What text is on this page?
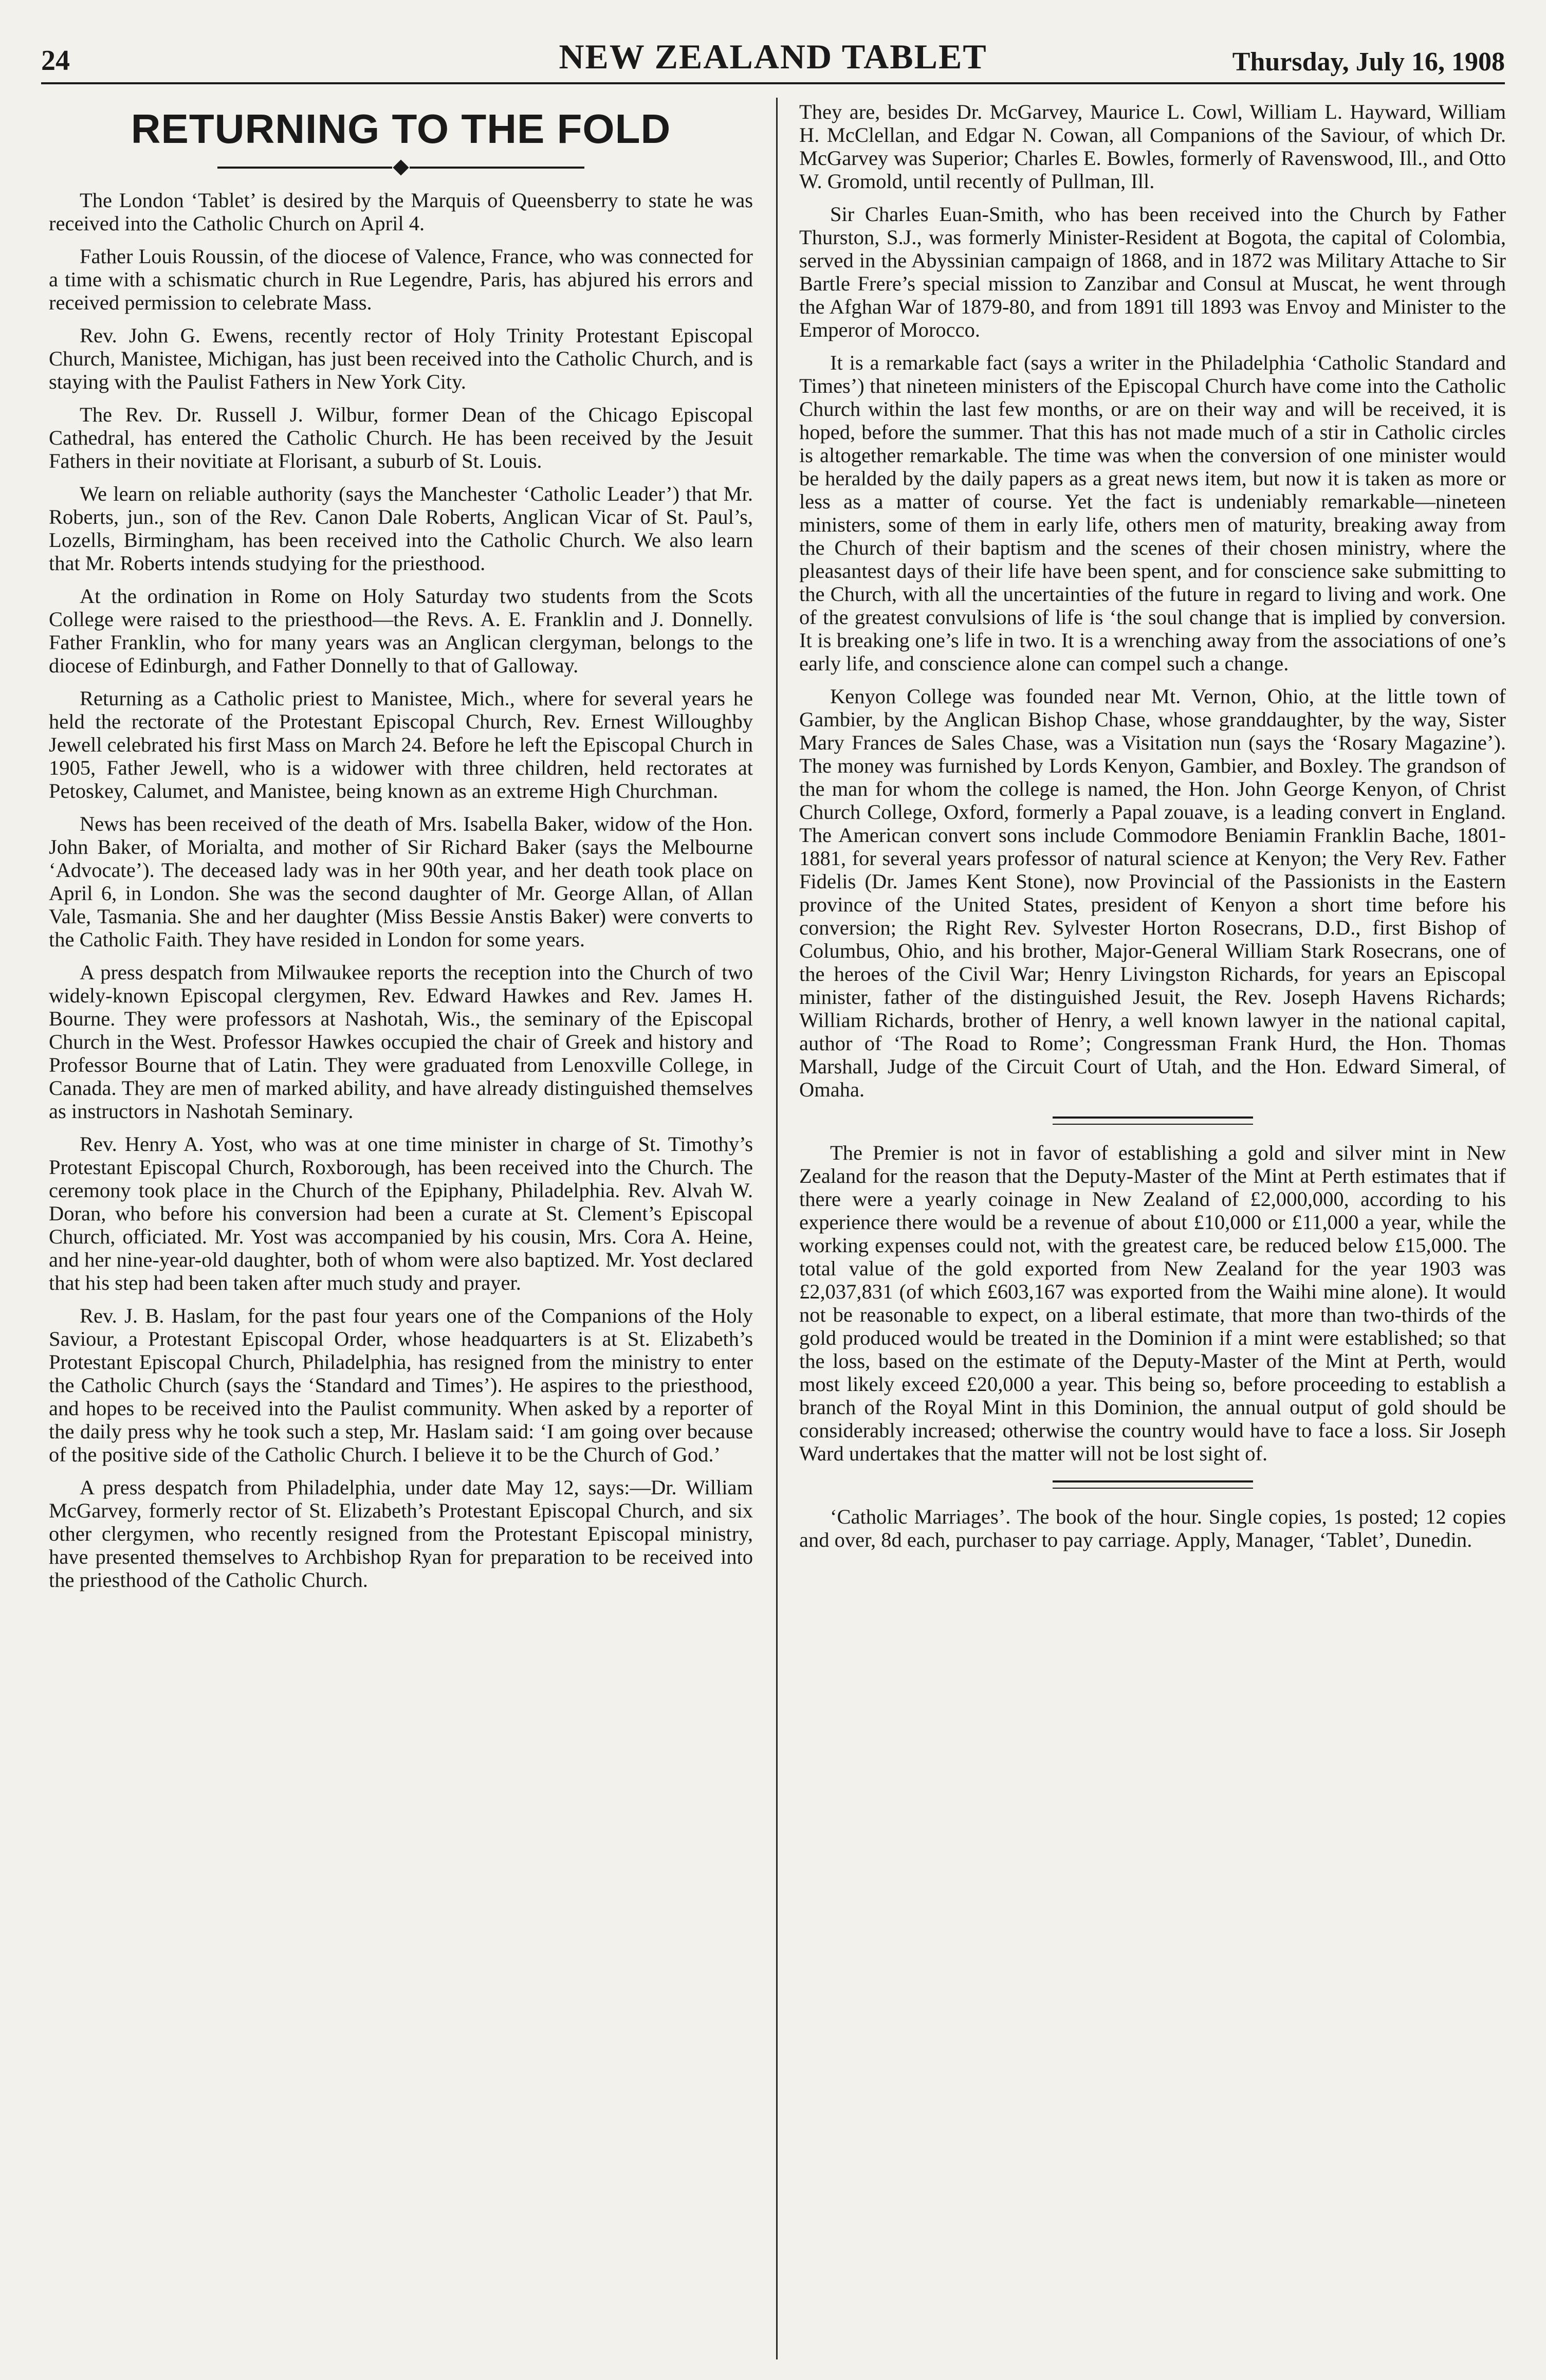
24	NEW ZEALAND TABLET	Thursday, July 16, 1908
RETURNING TO THE FOLD

The London ‘Tablet’ is desired by the Marquis of Queensberry to state he was received into the Catholic Church on April 4.

Father Louis Roussin, of the diocese of Valence, France, who was connected for a time with a schismatic church in Rue Legendre, Paris, has abjured his errors and received permission to celebrate Mass.

Rev. John G. Ewens, recently rector of Holy Trinity Protestant Episcopal Church, Manistee, Michigan, has just been received into the Catholic Church, and is staying with the Paulist Fathers in New York City.

The Rev. Dr. Russell J. Wilbur, former Dean of the Chicago Episcopal Cathedral, has entered the Catholic Church. He has been received by the Jesuit Fathers in their novitiate at Florisant, a suburb of St. Louis.

We learn on reliable authority (says the Manchester ‘Catholic Leader’) that Mr. Roberts, jun., son of the Rev. Canon Dale Roberts, Anglican Vicar of St. Paul’s, Lozells, Birmingham, has been received into the Catholic Church. We also learn that Mr. Roberts intends studying for the priesthood.

At the ordination in Rome on Holy Saturday two students from the Scots College were raised to the priesthood—the Revs. A. E. Franklin and J. Donnelly. Father Franklin, who for many years was an Anglican clergyman, belongs to the diocese of Edinburgh, and Father Donnelly to that of Galloway.

Returning as a Catholic priest to Manistee, Mich., where for several years he held the rectorate of the Protestant Episcopal Church, Rev. Ernest Willoughby Jewell celebrated his first Mass on March 24. Before he left the Episcopal Church in 1905, Father Jewell, who is a widower with three children, held rectorates at Petoskey, Calumet, and Manistee, being known as an extreme High Churchman.

News has been received of the death of Mrs. Isabella Baker, widow of the Hon. John Baker, of Morialta, and mother of Sir Richard Baker (says the Melbourne ‘Advocate’). The deceased lady was in her 90th year, and her death took place on April 6, in London. She was the second daughter of Mr. George Allan, of Allan Vale, Tasmania. She and her daughter (Miss Bessie Anstis Baker) were converts to the Catholic Faith. They have resided in London for some years.

A press despatch from Milwaukee reports the reception into the Church of two widely-known Episcopal clergymen, Rev. Edward Hawkes and Rev. James H. Bourne. They were professors at Nashotah, Wis., the seminary of the Episcopal Church in the West. Professor Hawkes occupied the chair of Greek and history and Professor Bourne that of Latin. They were graduated from Lenoxville College, in Canada. They are men of marked ability, and have already distinguished themselves as instructors in Nashotah Seminary.

Rev. Henry A. Yost, who was at one time minister in charge of St. Timothy’s Protestant Episcopal Church, Roxborough, has been received into the Church. The ceremony took place in the Church of the Epiphany, Philadelphia. Rev. Alvah W. Doran, who before his conversion had been a curate at St. Clement’s Episcopal Church, officiated. Mr. Yost was accompanied by his cousin, Mrs. Cora A. Heine, and her nine-year-old daughter, both of whom were also baptized. Mr. Yost declared that his step had been taken after much study and prayer.

Rev. J. B. Haslam, for the past four years one of the Companions of the Holy Saviour, a Protestant Episcopal Order, whose headquarters is at St. Elizabeth’s Protestant Episcopal Church, Philadelphia, has resigned from the ministry to enter the Catholic Church (says the ‘Standard and Times’). He aspires to the priesthood, and hopes to be received into the Paulist community. When asked by a reporter of the daily press why he took such a step, Mr. Haslam said: ‘I am going over because of the positive side of the Catholic Church. I believe it to be the Church of God.’

A press despatch from Philadelphia, under date May 12, says:—Dr. William McGarvey, formerly rector of St. Elizabeth’s Protestant Episcopal Church, and six other clergymen, who recently resigned from the Protestant Episcopal ministry, have presented themselves to Archbishop Ryan for preparation to be received into the priesthood of the Catholic Church.

They are, besides Dr. McGarvey, Maurice L. Cowl, William L. Hayward, William H. McClellan, and Edgar N. Cowan, all Companions of the Saviour, of which Dr. McGarvey was Superior; Charles E. Bowles, formerly of Ravenswood, Ill., and Otto W. Gromold, until recently of Pullman, Ill.

Sir Charles Euan-Smith, who has been received into the Church by Father Thurston, S.J., was formerly Minister-Resident at Bogota, the capital of Colombia, served in the Abyssinian campaign of 1868, and in 1872 was Military Attache to Sir Bartle Frere’s special mission to Zanzibar and Consul at Muscat, he went through the Afghan War of 1879-80, and from 1891 till 1893 was Envoy and Minister to the Emperor of Morocco.

It is a remarkable fact (says a writer in the Philadelphia ‘Catholic Standard and Times’) that nineteen ministers of the Episcopal Church have come into the Catholic Church within the last few months, or are on their way and will be received, it is hoped, before the summer. That this has not made much of a stir in Catholic circles is altogether remarkable. The time was when the conversion of one minister would be heralded by the daily papers as a great news item, but now it is taken as more or less as a matter of course. Yet the fact is undeniably remarkable—nineteen ministers, some of them in early life, others men of maturity, breaking away from the Church of their baptism and the scenes of their chosen ministry, where the pleasantest days of their life have been spent, and for conscience sake submitting to the Church, with all the uncertainties of the future in regard to living and work. One of the greatest convulsions of life is ‘the soul change that is implied by conversion. It is breaking one’s life in two. It is a wrenching away from the associations of one’s early life, and conscience alone can compel such a change.

Kenyon College was founded near Mt. Vernon, Ohio, at the little town of Gambier, by the Anglican Bishop Chase, whose granddaughter, by the way, Sister Mary Frances de Sales Chase, was a Visitation nun (says the ‘Rosary Magazine’). The money was furnished by Lords Kenyon, Gambier, and Boxley. The grandson of the man for whom the college is named, the Hon. John George Kenyon, of Christ Church College, Oxford, formerly a Papal zouave, is a leading convert in England. The American convert sons include Commodore Beniamin Franklin Bache, 1801-1881, for several years professor of natural science at Kenyon; the Very Rev. Father Fidelis (Dr. James Kent Stone), now Provincial of the Passionists in the Eastern province of the United States, president of Kenyon a short time before his conversion; the Right Rev. Sylvester Horton Rosecrans, D.D., first Bishop of Columbus, Ohio, and his brother, Major-General William Stark Rosecrans, one of the heroes of the Civil War; Henry Livingston Richards, for years an Episcopal minister, father of the distinguished Jesuit, the Rev. Joseph Havens Richards; William Richards, brother of Henry, a well known lawyer in the national capital, author of ‘The Road to Rome’; Congressman Frank Hurd, the Hon. Thomas Marshall, Judge of the Circuit Court of Utah, and the Hon. Edward Simeral, of Omaha.

The Premier is not in favor of establishing a gold and silver mint in New Zealand for the reason that the Deputy-Master of the Mint at Perth estimates that if there were a yearly coinage in New Zealand of £2,000,000, according to his experience there would be a revenue of about £10,000 or £11,000 a year, while the working expenses could not, with the greatest care, be reduced below £15,000. The total value of the gold exported from New Zealand for the year 1903 was £2,037,831 (of which £603,167 was exported from the Waihi mine alone). It would not be reasonable to expect, on a liberal estimate, that more than two-thirds of the gold produced would be treated in the Dominion if a mint were established; so that the loss, based on the estimate of the Deputy-Master of the Mint at Perth, would most likely exceed £20,000 a year. This being so, before proceeding to establish a branch of the Royal Mint in this Dominion, the annual output of gold should be considerably increased; otherwise the country would have to face a loss. Sir Joseph Ward undertakes that the matter will not be lost sight of.

‘Catholic Marriages’. The book of the hour. Single copies, 1s posted; 12 copies and over, 8d each, purchaser to pay carriage. Apply, Manager, ‘Tablet’, Dunedin.
